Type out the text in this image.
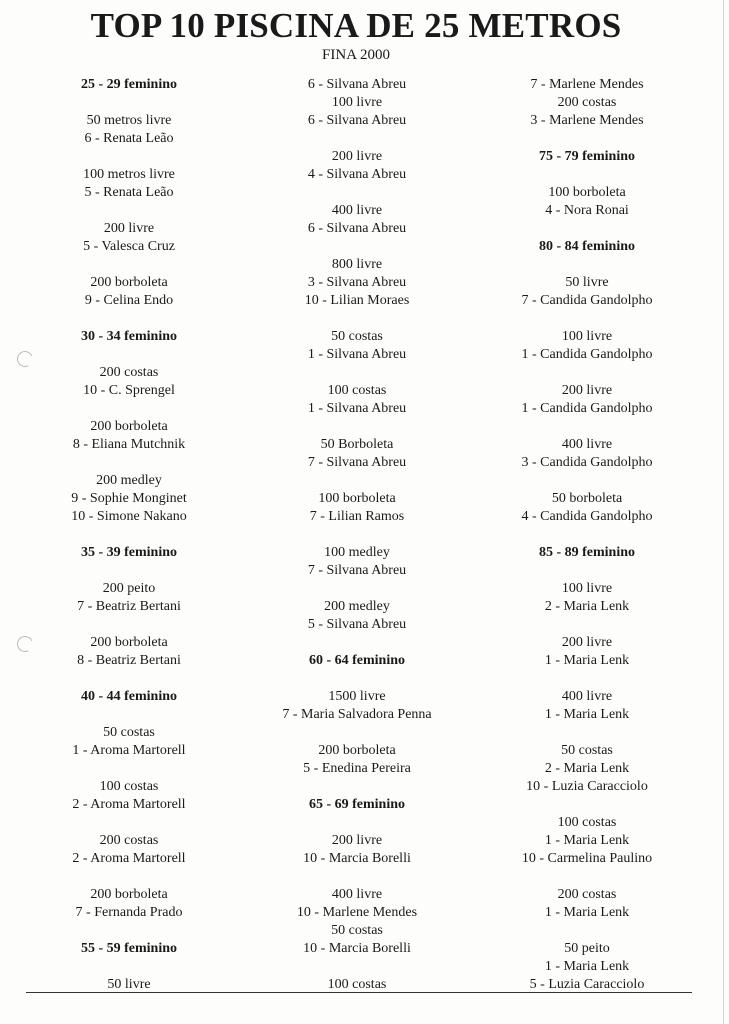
TOP 10 PISCINA DE 25 METROS
FINA 2000
25 - 29 feminino
50 metros livre
6 - Renata Leão
100 metros livre
5 - Renata Leão
200 livre
5 - Valesca Cruz
200 borboleta
9 - Celina Endo
30 - 34 feminino
200 costas
10 - C. Sprengel
200 borboleta
8 - Eliana Mutchnik
200 medley
9 - Sophie Monginet
10 - Simone Nakano
35 - 39 feminino
200 peito
7 - Beatriz Bertani
200 borboleta
8 - Beatriz Bertani
40 - 44 feminino
50 costas
1 - Aroma Martorell
100 costas
2 - Aroma Martorell
200 costas
2 - Aroma Martorell
200 borboleta
7 - Fernanda Prado
55 - 59 feminino
50 livre
6 - Silvana Abreu
100 livre
6 - Silvana Abreu
200 livre
4 - Silvana Abreu
400 livre
6 - Silvana Abreu
800 livre
3 - Silvana Abreu
10 - Lilian Moraes
50 costas
1 - Silvana Abreu
100 costas
1 - Silvana Abreu
50 Borboleta
7 - Silvana Abreu
100 borboleta
7 - Lilian Ramos
100 medley
7 - Silvana Abreu
200 medley
5 - Silvana Abreu
60 - 64 feminino
1500 livre
7 - Maria Salvadora Penna
200 borboleta
5 - Enedina Pereira
65 - 69 feminino
200 livre
10 - Marcia Borelli
400 livre
10 - Marlene Mendes
50 costas
10 - Marcia Borelli
100 costas
7 - Marlene Mendes
200 costas
3 - Marlene Mendes
75 - 79 feminino
100 borboleta
4 - Nora Ronai
80 - 84 feminino
50 livre
7 - Candida Gandolpho
100 livre
1 - Candida Gandolpho
200 livre
1 - Candida Gandolpho
400 livre
3 - Candida Gandolpho
50 borboleta
4 - Candida Gandolpho
85 - 89 feminino
100 livre
2 - Maria Lenk
200 livre
1 - Maria Lenk
400 livre
1 - Maria Lenk
50 costas
2 - Maria Lenk
10 - Luzia Caracciolo
100 costas
1 - Maria Lenk
10 - Carmelina Paulino
200 costas
1 - Maria Lenk
50 peito
1 - Maria Lenk
5 - Luzia Caracciolo
